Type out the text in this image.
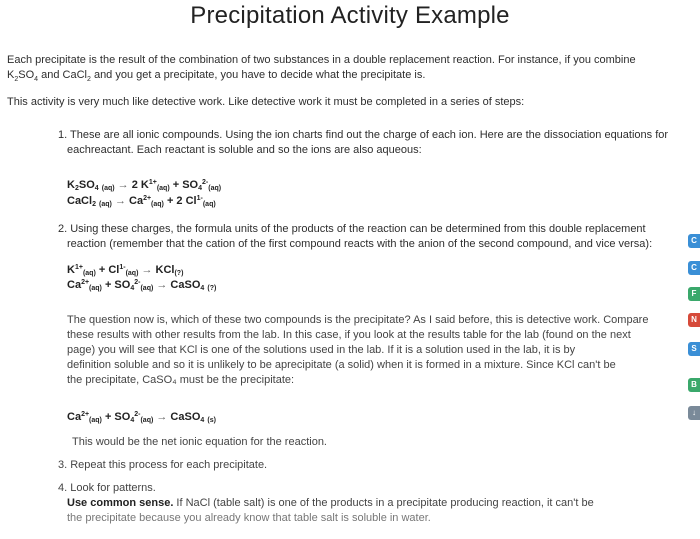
Precipitation Activity Example
Each precipitate is the result of the combination of two substances in a double replacement reaction. For instance, if you combine
$K_2SO_4$ and CaCl$_2$ and you get a precipitate, you have to decide what the precipitate is.
This activity is very much like detective work. Like detective work it must be completed in a series of steps:
1. These are all ionic compounds. Using the ion charts find out the charge of each ion. Here are the dissociation equations for
eachreactant. Each reactant is soluble and so the ions are also aqueous:
$K_2SO_4$ $_{(aq)}$ → 2 $K^{1+}_{(aq)} + SO_4^{2-}_{(aq)}$
CaCl$_2$ $_{(aq)} \to Ca^{2+}_{(aq)} + 2$ $Cl^{1-}_{(aq)}$
2. Using these charges, the formula units of the products of the reaction can be determined from this double replacement
reaction (remember that the cation of the first compound reacts with the anion of the second compound, and vice versa):
$K^{1+}_{(aq)} + Cl^{1-}_{(aq)} \to KCl_{(?)}$
$Ca^{2+}_{(aq)} + SO_4^{2-}_{(aq)}$ → CaSO$_4$ $_{(?)}$
The question now is, which of these two compounds is the precipitate? As I said before, this is detective work. Compare
these results with other results from the lab. In this case, if you look at the results table for the lab (found on the next
page) you will see that KCl is one of the solutions used in the lab. If it is a solution used in the lab, it is by
definition soluble and so it is unlikely to be aprecipitate (a solid) when it is formed in a mixture. Since KCl can't be
the precipitate, CaSO₄ must be the precipitate:
$Ca^{2+}_{(aq)} + SO_4^{2-}_{(aq)}$ → CaSO$_4$ $_{(s)}$
This would be the net ionic equation for the reaction.
3. Repeat this process for each precipitate.
4. Look for patterns.
Use common sense. If NaCl (table salt) is one of the products in a precipitate producing reaction, it can't be
the precipitate because you already know that table salt is soluble in water.
C
C
F
N
S
B
↓
